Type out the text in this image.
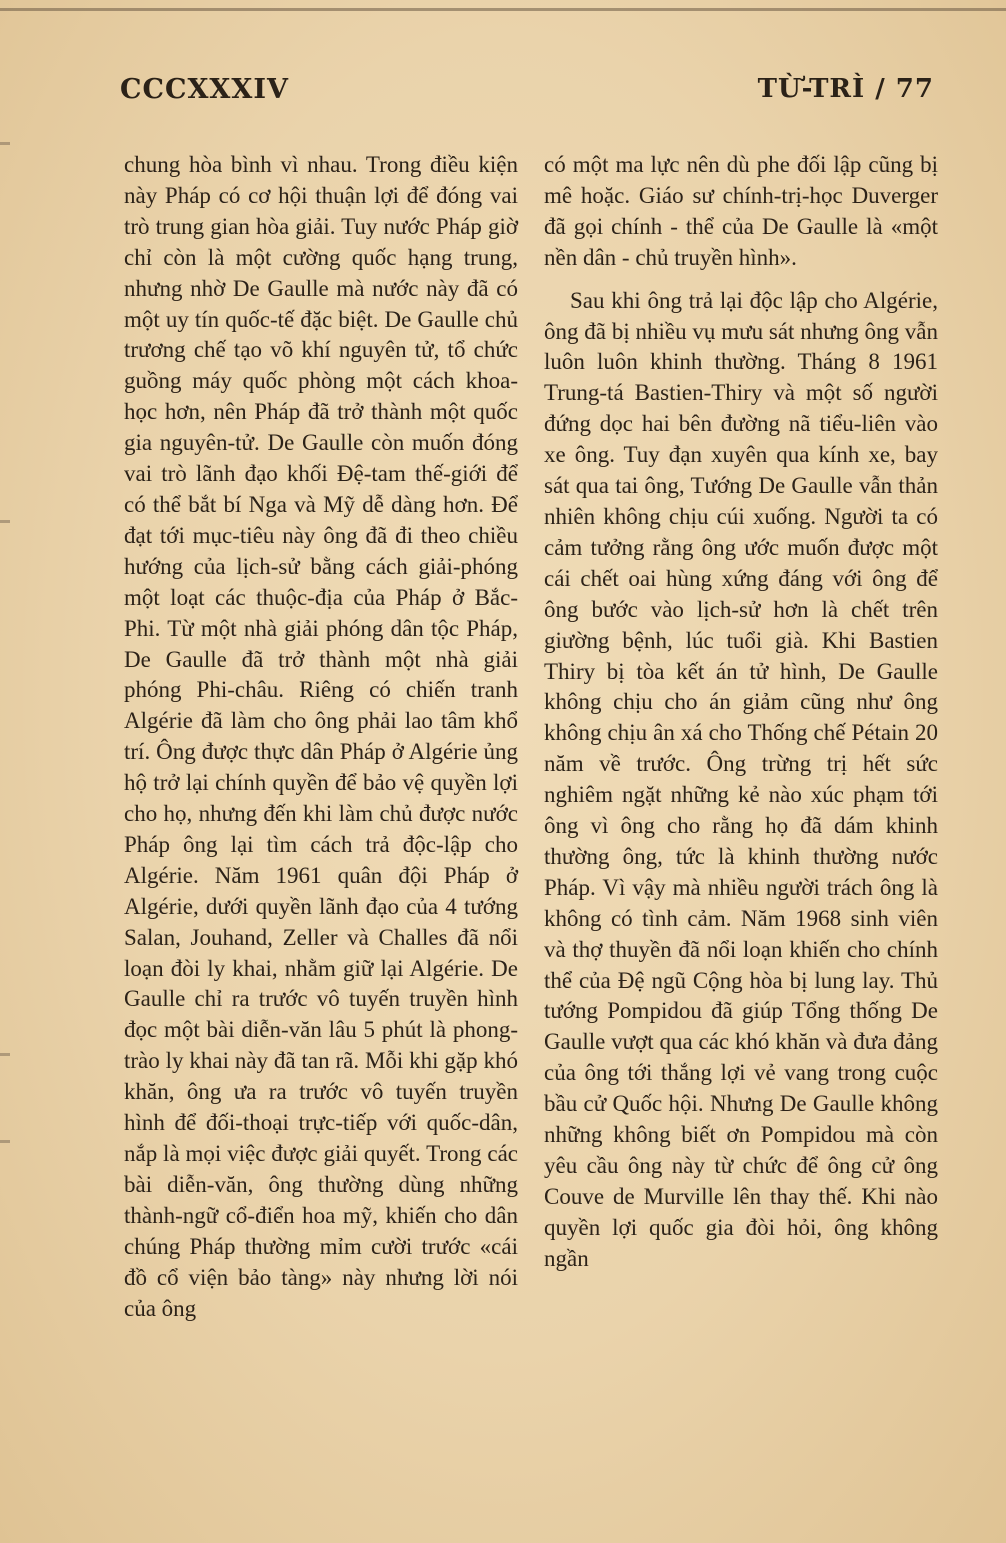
CCCXXXIV	TỪ-TRÌ / 77

chung hòa bình vì nhau. Trong điều kiện này Pháp có cơ hội thuận lợi để đóng vai trò trung gian hòa giải. Tuy nước Pháp giờ chỉ còn là một cường quốc hạng trung, nhưng nhờ De Gaulle mà nước này đã có một uy tín quốc-tế đặc biệt. De Gaulle chủ trương chế tạo võ khí nguyên tử, tổ chức guồng máy quốc phòng một cách khoa-học hơn, nên Pháp đã trở thành một quốc gia nguyên-tử. De Gaulle còn muốn đóng vai trò lãnh đạo khối Đệ-tam thế-giới để có thể bắt bí Nga và Mỹ dễ dàng hơn. Để đạt tới mục-tiêu này ông đã đi theo chiều hướng của lịch-sử bằng cách giải-phóng một loạt các thuộc-địa của Pháp ở Bắc-Phi. Từ một nhà giải phóng dân tộc Pháp, De Gaulle đã trở thành một nhà giải phóng Phi-châu. Riêng có chiến tranh Algérie đã làm cho ông phải lao tâm khổ trí. Ông được thực dân Pháp ở Algérie ủng hộ trở lại chính quyền để bảo vệ quyền lợi cho họ, nhưng đến khi làm chủ được nước Pháp ông lại tìm cách trả độc-lập cho Algérie. Năm 1961 quân đội Pháp ở Algérie, dưới quyền lãnh đạo của 4 tướng Salan, Jouhand, Zeller và Challes đã nổi loạn đòi ly khai, nhằm giữ lại Algérie. De Gaulle chỉ ra trước vô tuyến truyền hình đọc một bài diễn-văn lâu 5 phút là phong-trào ly khai này đã tan rã. Mỗi khi gặp khó khăn, ông ưa ra trước vô tuyến truyền hình để đối-thoại trực-tiếp với quốc-dân, nắp là mọi việc được giải quyết. Trong các bài diễn-văn, ông thường dùng những thành-ngữ cổ-điển hoa mỹ, khiến cho dân chúng Pháp thường mỉm cười trước «cái đồ cổ viện bảo tàng» này nhưng lời nói của ông

có một ma lực nên dù phe đối lập cũng bị mê hoặc. Giáo sư chính-trị-học Duverger đã gọi chính - thể của De Gaulle là «một nền dân - chủ truyền hình».

Sau khi ông trả lại độc lập cho Algérie, ông đã bị nhiều vụ mưu sát nhưng ông vẫn luôn luôn khinh thường. Tháng 8 1961 Trung-tá Bastien-Thiry và một số người đứng dọc hai bên đường nã tiểu-liên vào xe ông. Tuy đạn xuyên qua kính xe, bay sát qua tai ông, Tướng De Gaulle vẫn thản nhiên không chịu cúi xuống. Người ta có cảm tưởng rằng ông ước muốn được một cái chết oai hùng xứng đáng với ông để ông bước vào lịch-sử hơn là chết trên giường bệnh, lúc tuổi già. Khi Bastien Thiry bị tòa kết án tử hình, De Gaulle không chịu cho án giảm cũng như ông không chịu ân xá cho Thống chế Pétain 20 năm về trước. Ông trừng trị hết sức nghiêm ngặt những kẻ nào xúc phạm tới ông vì ông cho rằng họ đã dám khinh thường ông, tức là khinh thường nước Pháp. Vì vậy mà nhiều người trách ông là không có tình cảm. Năm 1968 sinh viên và thợ thuyền đã nổi loạn khiến cho chính thể của Đệ ngũ Cộng hòa bị lung lay. Thủ tướng Pompidou đã giúp Tổng thống De Gaulle vượt qua các khó khăn và đưa đảng của ông tới thắng lợi vẻ vang trong cuộc bầu cử Quốc hội. Nhưng De Gaulle không những không biết ơn Pompidou mà còn yêu cầu ông này từ chức để ông cử ông Couve de Murville lên thay thế. Khi nào quyền lợi quốc gia đòi hỏi, ông không ngần
